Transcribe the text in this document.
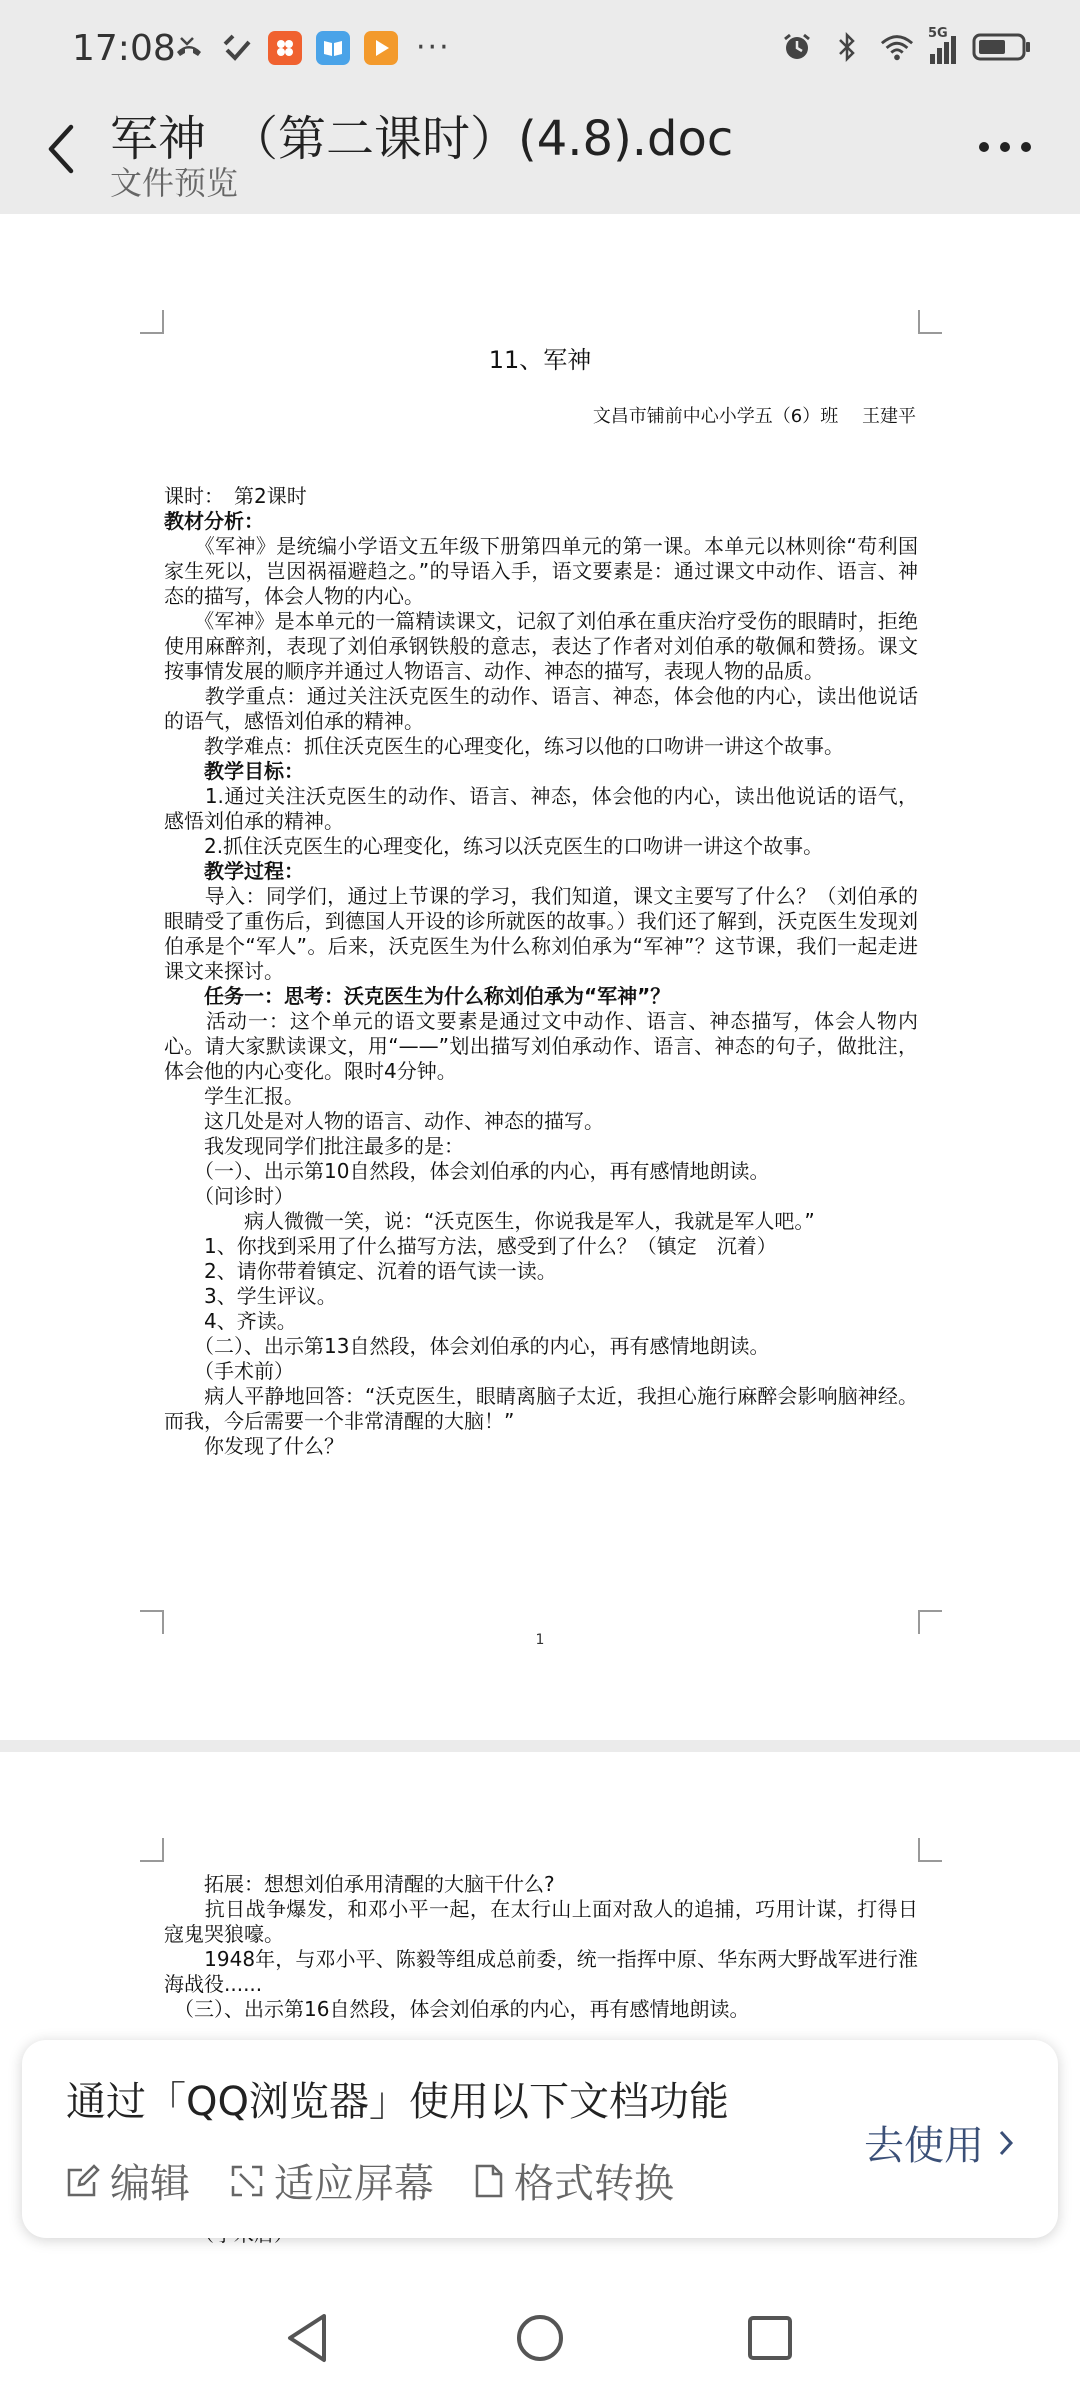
17:08	···	5G
军神　（第二课时）(4.8).doc
文件预览
11、军神
文昌市铺前中心小学五（6）班　 王建平

课时：　第2课时

教材分析：

　　《军神》是统编小学语文五年级下册第四单元的第一课。本单元以林则徐“苟利国家生死以，岂因祸福避趋之。”的导语入手，语文要素是：通过课文中动作、语言、神态的描写，体会人物的内心。

　　《军神》是本单元的一篇精读课文，记叙了刘伯承在重庆治疗受伤的眼睛时，拒绝使用麻醉剂，表现了刘伯承钢铁般的意志，表达了作者对刘伯承的敬佩和赞扬。课文按事情发展的顺序并通过人物语言、动作、神态的描写，表现人物的品质。

　　教学重点：通过关注沃克医生的动作、语言、神态，体会他的内心，读出他说话的语气，感悟刘伯承的精神。

　　教学难点：抓住沃克医生的心理变化，练习以他的口吻讲一讲这个故事。

　　教学目标：

　　1.通过关注沃克医生的动作、语言、神态，体会他的内心，读出他说话的语气，感悟刘伯承的精神。

　　2.抓住沃克医生的心理变化，练习以沃克医生的口吻讲一讲这个故事。

　　教学过程：

　　导入：同学们，通过上节课的学习，我们知道，课文主要写了什么？（刘伯承的眼睛受了重伤后，到德国人开设的诊所就医的故事。）我们还了解到，沃克医生发现刘伯承是个“军人”。后来，沃克医生为什么称刘伯承为“军神”？这节课，我们一起走进课文来探讨。

　　任务一：思考：沃克医生为什么称刘伯承为“军神”？

　　活动一：这个单元的语文要素是通过文中动作、语言、神态描写，体会人物内心。请大家默读课文，用“——”划出描写刘伯承动作、语言、神态的句子，做批注，体会他的内心变化。限时4分钟。

　　学生汇报。

　　这几处是对人物的语言、动作、神态的描写。

　　我发现同学们批注最多的是：

　　（一）、出示第10自然段，体会刘伯承的内心，再有感情地朗读。

　　（问诊时）

　　　　病人微微一笑，说：“沃克医生，你说我是军人，我就是军人吧。”

　　1、你找到采用了什么描写方法，感受到了什么？（镇定　沉着）

　　2、请你带着镇定、沉着的语气读一读。

　　3、学生评议。

　　4、齐读。

　　（二）、出示第13自然段，体会刘伯承的内心，再有感情地朗读。

　　（手术前）

　　病人平静地回答：“沃克医生，眼睛离脑子太近，我担心施行麻醉会影响脑神经。而我，今后需要一个非常清醒的大脑！”

　　你发现了什么？

1

　　拓展：想想刘伯承用清醒的大脑干什么?

　　抗日战争爆发，和邓小平一起，在太行山上面对敌人的追捕，巧用计谋，打得日寇鬼哭狼嚎。

　　1948年，与邓小平、陈毅等组成总前委，统一指挥中原、华东两大野战军进行淮海战役......

　（三）、出示第16自然段，体会刘伯承的内心，再有感情地朗读。

通过「QQ浏览器」使用以下文档功能
编辑 适应屏幕 格式转换
去使用
